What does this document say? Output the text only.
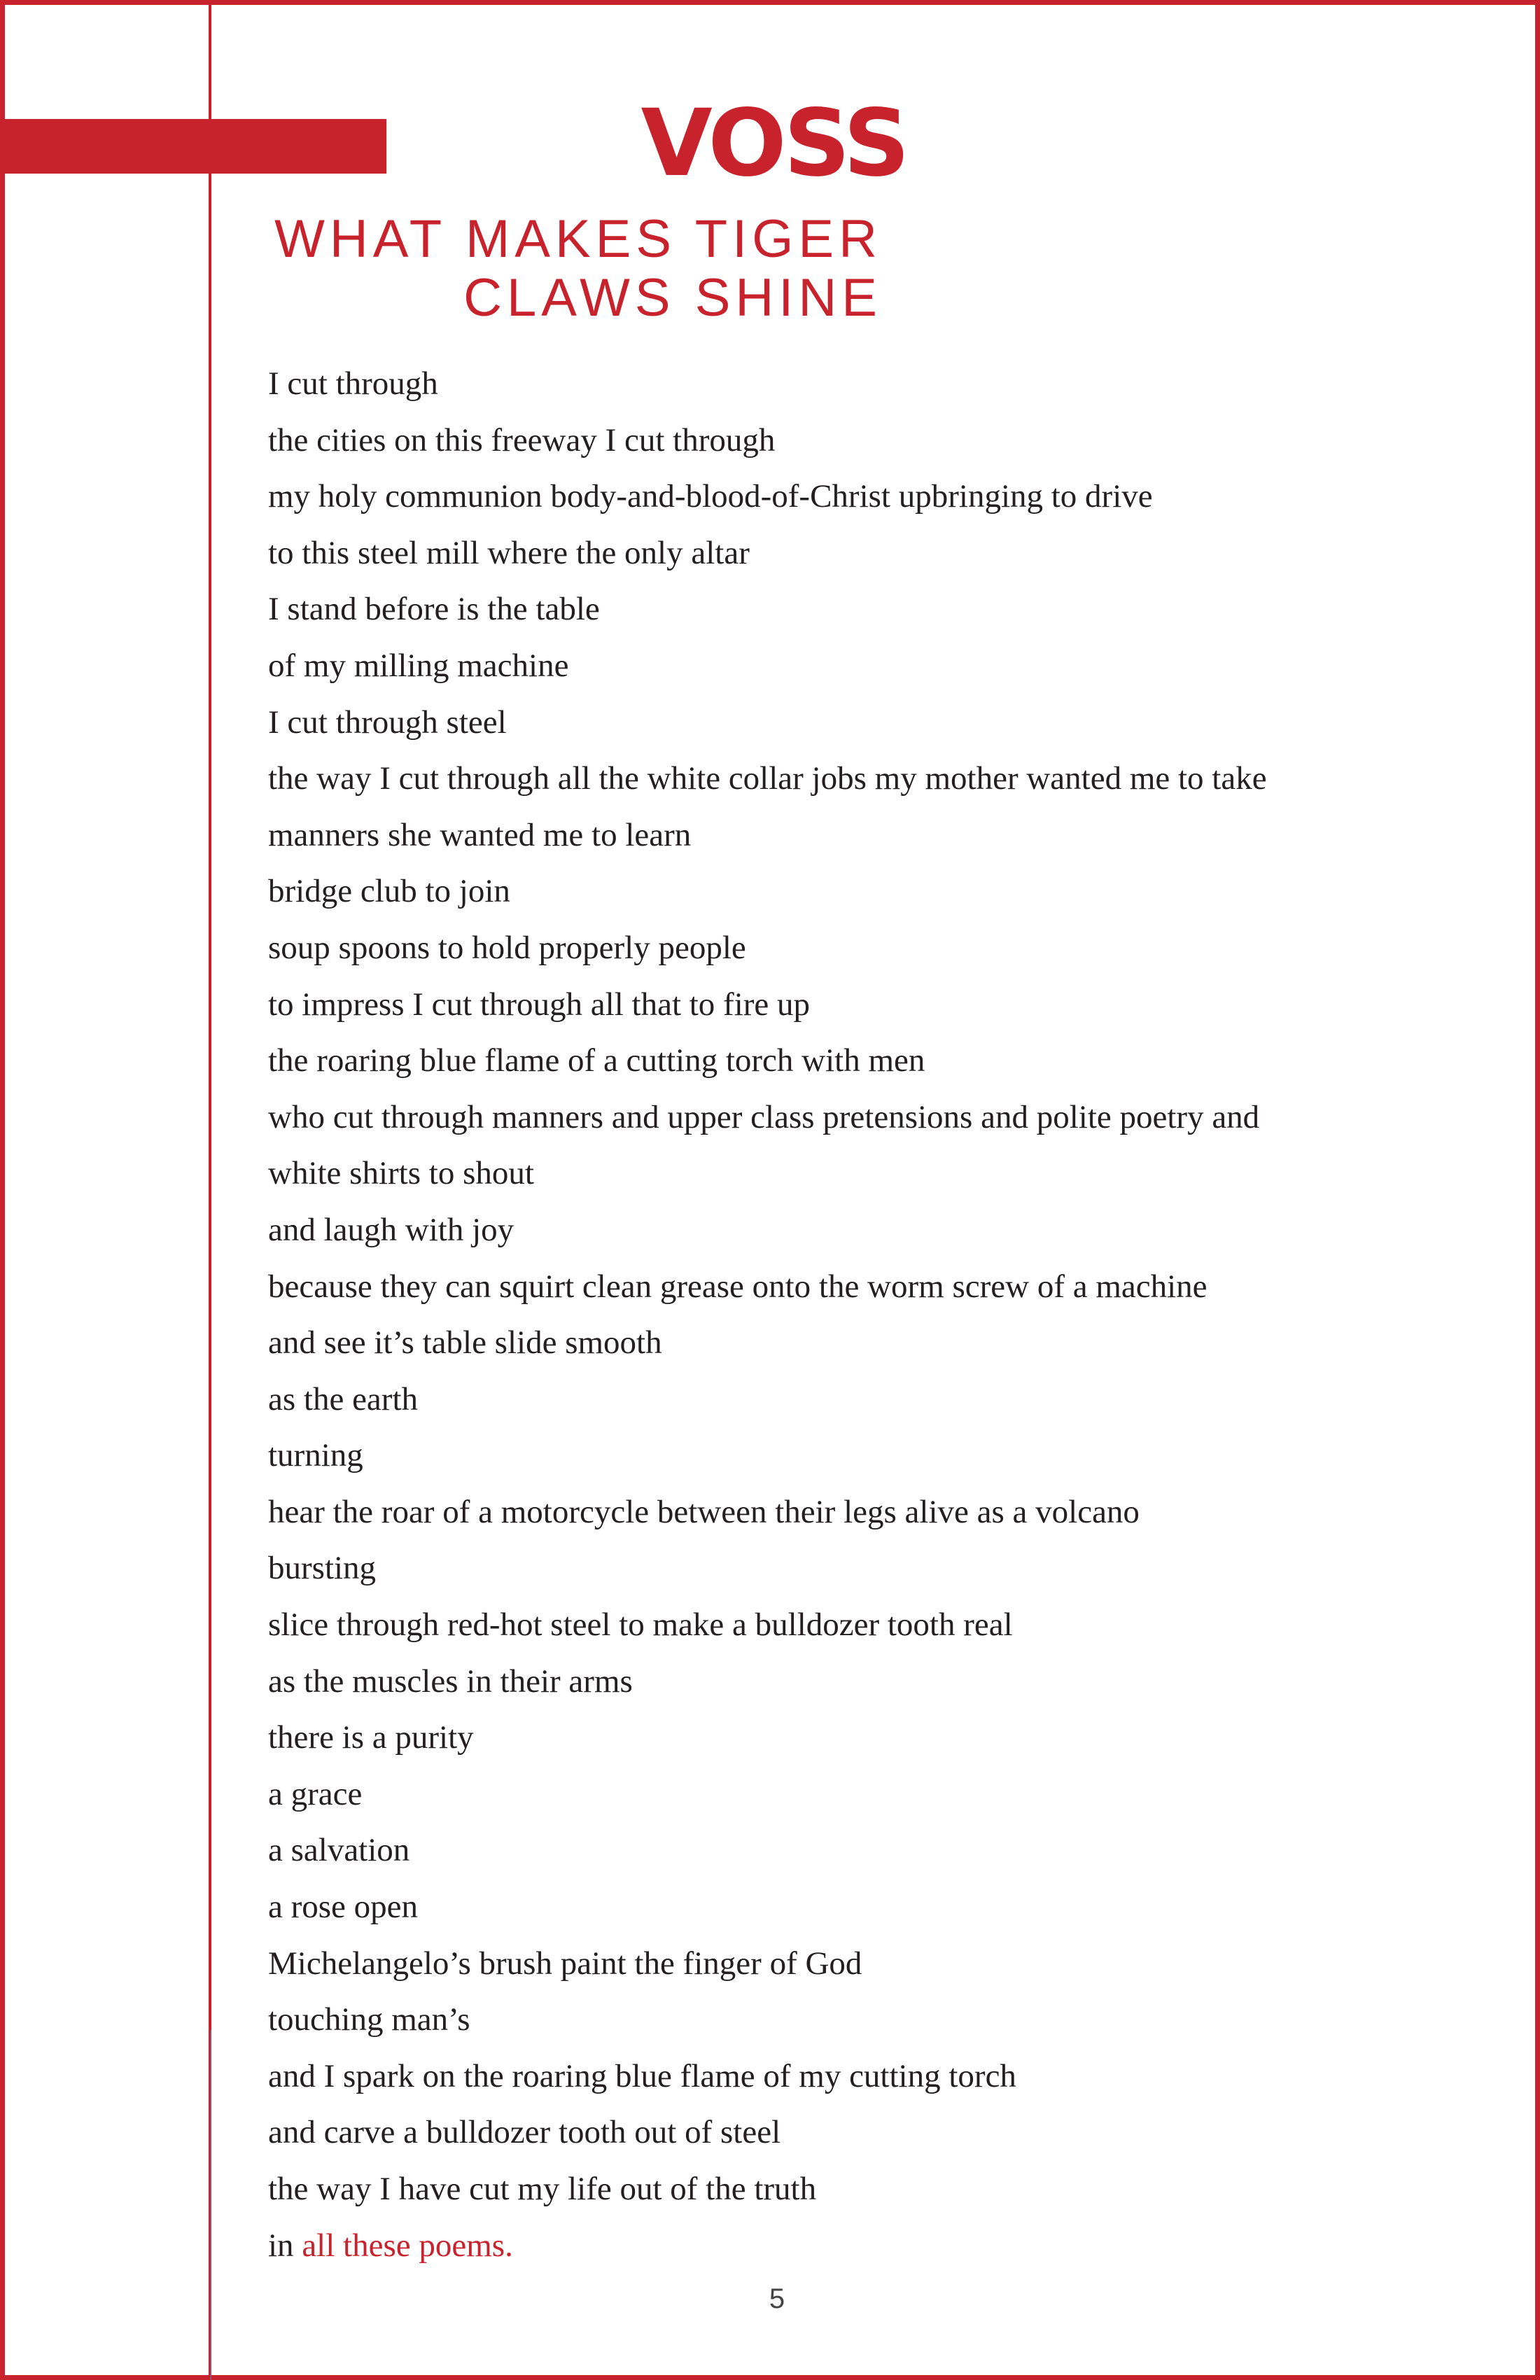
FREDVOSS
WHAT MAKES TIGER
CLAWS SHINE
I cut through
the cities on this freeway I cut through
my holy communion body-and-blood-of-Christ upbringing to drive
to this steel mill where the only altar
I stand before is the table
of my milling machine
I cut through steel
the way I cut through all the white collar jobs my mother wanted me to take
manners she wanted me to learn
bridge club to join
soup spoons to hold properly people
to impress I cut through all that to fire up
the roaring blue flame of a cutting torch with men
who cut through manners and upper class pretensions and polite poetry and
white shirts to shout
and laugh with joy
because they can squirt clean grease onto the worm screw of a machine
and see it’s table slide smooth
as the earth
turning
hear the roar of a motorcycle between their legs alive as a volcano
bursting
slice through red-hot steel to make a bulldozer tooth real
as the muscles in their arms
there is a purity
a grace
a salvation
a rose open
Michelangelo’s brush paint the finger of God
touching man’s
and I spark on the roaring blue flame of my cutting torch
and carve a bulldozer tooth out of steel
the way I have cut my life out of the truth
in all these poems.
5
